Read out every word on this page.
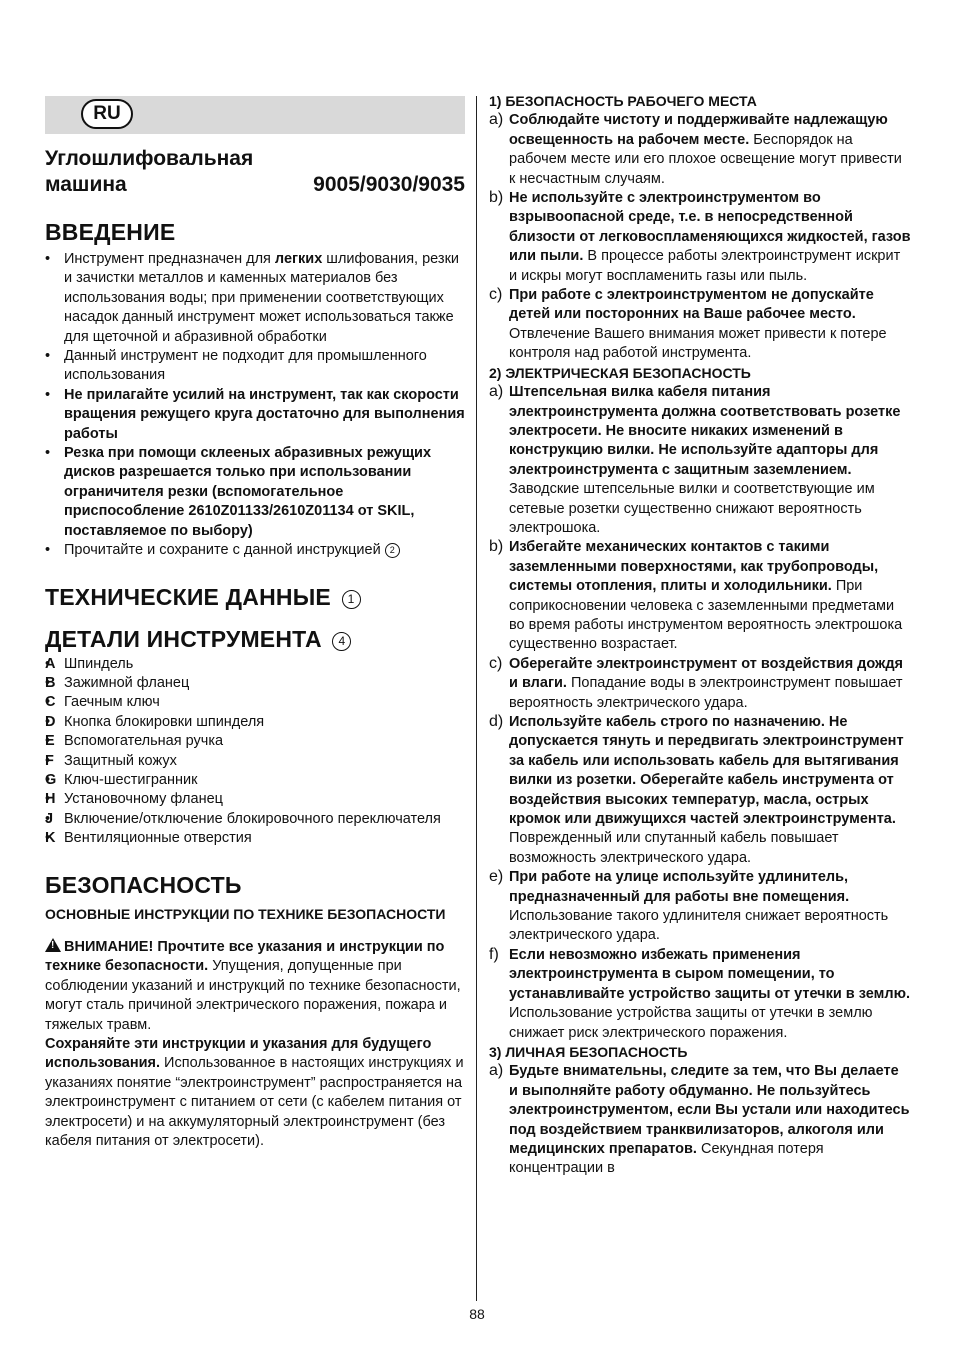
RU
Углошлифовальная машина	9005/9030/9035
ВВЕДЕНИЕ
• Инструмент предназначен для легких шлифования, резки и зачистки металлов и каменных материалов без использования воды; при применении соответствующих насадок данный инструмент может использоваться также для щеточной и абразивной обработки
• Данный инструмент не подходит для промышленного использования
• Не прилагайте усилий на инструмент, так как скорости вращения режущего круга достаточно для выполнения работы
• Резка при помощи склееных абразивных режущих дисков разрешается только при использовании ограничителя резки (вспомогательное приспособление 2610Z01133/2610Z01134 от SKIL, поставляемое по выбору)
• Прочитайте и сохраните с данной инструкцией 2
ТЕХНИЧЕСКИЕ ДАННЫЕ 1
ДЕТАЛИ ИНСТРУМЕНТА 4
• A Шпиндель
• B Зажимной фланец
• C Гаечным ключ
• D Кнопка блокировки шпинделя
• E Вспомогательная ручка
• F Защитный кожух
• G Ключ-шестигранник
• H Установочному фланец
• J Включение/отключение блокировочного переключателя
• K Вентиляционные отверстия
БЕЗОПАСНОСТЬ
ОСНОВНЫЕ ИНСТРУКЦИИ ПО ТЕХНИКЕ БЕЗОПАСНОСТИ

!ВНИМАНИЕ! Прочтите все указания и инструкции по технике безопасности. Упущения, допущенные при соблюдении указаний и инструкций по технике безопасности, могут сталь причиной электрического поражения, пожара и тяжелых травм.

Сохраняйте эти инструкции и указания для будущего использования. Использованное в настоящих инструкциях и указаниях понятие “электроинструмент” распространяется на электроинструмент с питанием от сети (с кабелем питания от электросети) и на аккумуляторный электроинструмент (без кабеля питания от электросети).

1) БЕЗОПАСНОСТЬ РАБОЧЕГО МЕСТА
a) Соблюдайте чистоту и поддерживайте надлежащую освещенность на рабочем месте. Беспорядок на рабочем месте или его плохое освещение могут привести к несчастным случаям.

b) Не используйте с электроинструментом во взрывоопасной среде, т.е. в непосредственной близости от легковоспламеняющихся жидкостей, газов или пыли. В процессе работы электроинструмент искрит и искры могут воспламенить газы или пыль.

c) При работе с электроинструментом не допускайте детей или посторонних на Ваше рабочее место. Отвлечение Вашего внимания может привести к потере контроля над работой инструмента.

2) ЭЛЕКТРИЧЕСКАЯ БЕЗОПАСНОСТЬ
a) Штепсельная вилка кабеля питания электроинструмента должна соответствовать розетке электросети. Не вносите никаких изменений в конструкцию вилки. Не используйте адапторы для электроинструмента с защитным заземлением. Заводские штепсельные вилки и соответствующие им сетевые розетки существенно снижают вероятность электрошока.

b) Избегайте механических контактов с такими заземленными поверхностями, как трубопроводы, системы отопления, плиты и холодильники. При соприкосновении человека с заземленными предметами во время работы инструментом вероятность электрошока существенно возрастает.

c) Оберегайте электроинструмент от воздействия дождя и влаги. Попадание воды в электроинструмент повышает вероятность электрического удара.

d) Используйте кабель строго по назначению. Не допускается тянуть и передвигать электроинструмент за кабель или использовать кабель для вытягивания вилки из розетки. Оберегайте кабель инструмента от воздействия высоких температур, масла, острых кромок или движущихся частей электроинструмента. Поврежденный или спутанный кабель повышает возможность электрического удара.

e) При работе на улице используйте удлинитель, предназначенный для работы вне помещения. Использование такого удлинителя снижает вероятность электрического удара.

f) Если невозможно избежать применения электроинструмента в сыром помещении, то устанавливайте устройство защиты от утечки в землю. Использование устройства защиты от утечки в землю снижает риск электрического поражения.

3) ЛИЧНАЯ БЕЗОПАСНОСТЬ
a) Будьте внимательны, следите за тем, что Вы делаете и выполняйте работу обдуманно. Не пользуйтесь электроинструментом, если Вы устали или находитесь под воздействием транквилизаторов, алкоголя или медицинских препаратов. Секундная потеря концентрации в

88
